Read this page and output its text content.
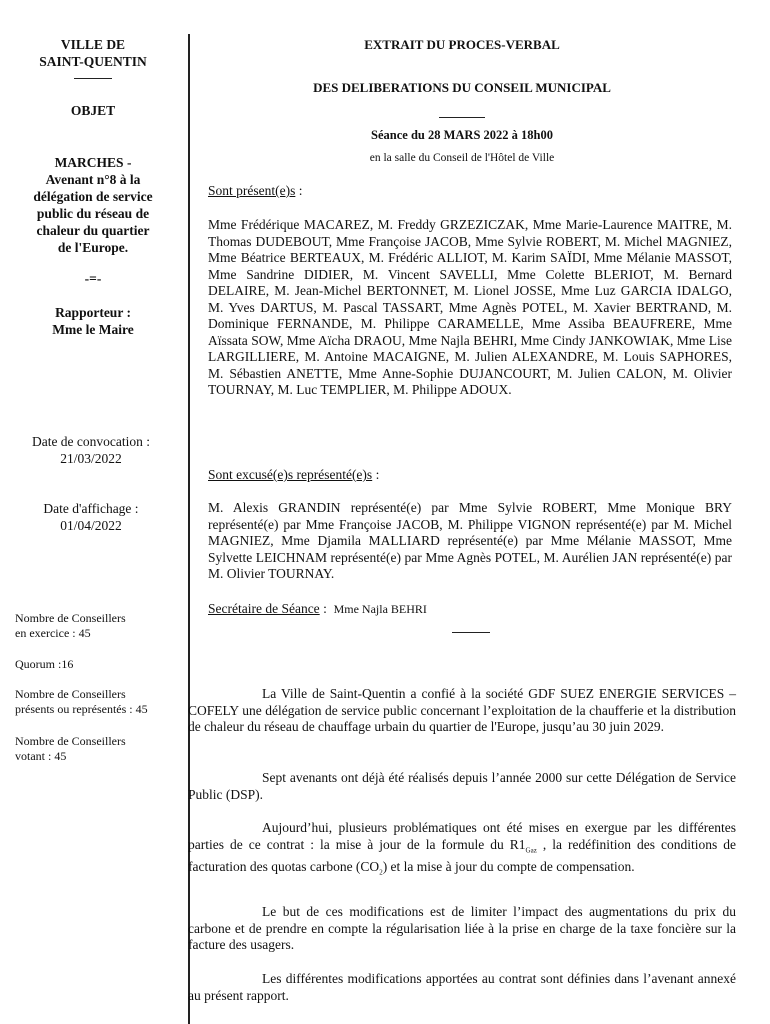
VILLE DE
SAINT-QUENTIN
OBJET
MARCHES -
Avenant n°8 à la
délégation de service
public du réseau de
chaleur du quartier
de l'Europe.
-=-
Rapporteur :
Mme le Maire
Date de convocation :
21/03/2022
Date d'affichage :
01/04/2022
Nombre de Conseillers
en exercice : 45
Quorum :16
Nombre de Conseillers
présents ou représentés : 45
Nombre de Conseillers
votant : 45
EXTRAIT DU PROCES-VERBAL
DES DELIBERATIONS DU CONSEIL MUNICIPAL
Séance du 28 MARS 2022 à 18h00
en la salle du Conseil de l'Hôtel de Ville
Sont présent(e)s :
Mme Frédérique MACAREZ, M. Freddy GRZEZICZAK, Mme Marie-Laurence MAITRE, M. Thomas DUDEBOUT, Mme Françoise JACOB, Mme Sylvie ROBERT, M. Michel MAGNIEZ, Mme Béatrice BERTEAUX, M. Frédéric ALLIOT, M. Karim SAÏDI, Mme Mélanie MASSOT, Mme Sandrine DIDIER, M. Vincent SAVELLI, Mme Colette BLERIOT, M. Bernard DELAIRE, M. Jean-Michel BERTONNET, M. Lionel JOSSE, Mme Luz GARCIA IDALGO, M. Yves DARTUS, M. Pascal TASSART, Mme Agnès POTEL, M. Xavier BERTRAND, M. Dominique FERNANDE, M. Philippe CARAMELLE, Mme Assiba BEAUFRERE, Mme Aïssata SOW, Mme Aïcha DRAOU, Mme Najla BEHRI, Mme Cindy JANKOWIAK, Mme Lise LARGILLIERE, M. Antoine MACAIGNE, M. Julien ALEXANDRE, M. Louis SAPHORES, M. Sébastien ANETTE, Mme Anne-Sophie DUJANCOURT, M. Julien CALON, M. Olivier TOURNAY, M. Luc TEMPLIER, M. Philippe ADOUX.
Sont excusé(e)s représenté(e)s :
M. Alexis GRANDIN représenté(e) par Mme Sylvie ROBERT, Mme Monique BRY représenté(e) par Mme Françoise JACOB, M. Philippe VIGNON représenté(e) par M. Michel MAGNIEZ, Mme Djamila MALLIARD représenté(e) par Mme Mélanie MASSOT, Mme Sylvette LEICHNAM représenté(e) par Mme Agnès POTEL, M. Aurélien JAN représenté(e) par M. Olivier TOURNAY.
Secrétaire de Séance :  Mme Najla BEHRI
La Ville de Saint-Quentin a confié à la société GDF SUEZ ENERGIE SERVICES – COFELY une délégation de service public concernant l’exploitation de la chaufferie et la distribution de chaleur du réseau de chauffage urbain du quartier de l'Europe, jusqu’au 30 juin 2029.
Sept avenants ont déjà été réalisés depuis l’année 2000 sur cette Délégation de Service Public (DSP).
Aujourd’hui, plusieurs problématiques ont été mises en exergue par les différentes parties de ce contrat : la mise à jour de la formule du $R1_{Gaz}$ , la redéfinition des conditions de facturation des quotas carbone $(CO_2)$ et la mise à jour du compte de compensation.
Le but de ces modifications est de limiter l’impact des augmentations du prix du carbone et de prendre en compte la régularisation liée à la prise en charge de la taxe foncière sur la facture des usagers.
Les différentes modifications apportées au contrat sont définies dans l’avenant annexé au présent rapport.
